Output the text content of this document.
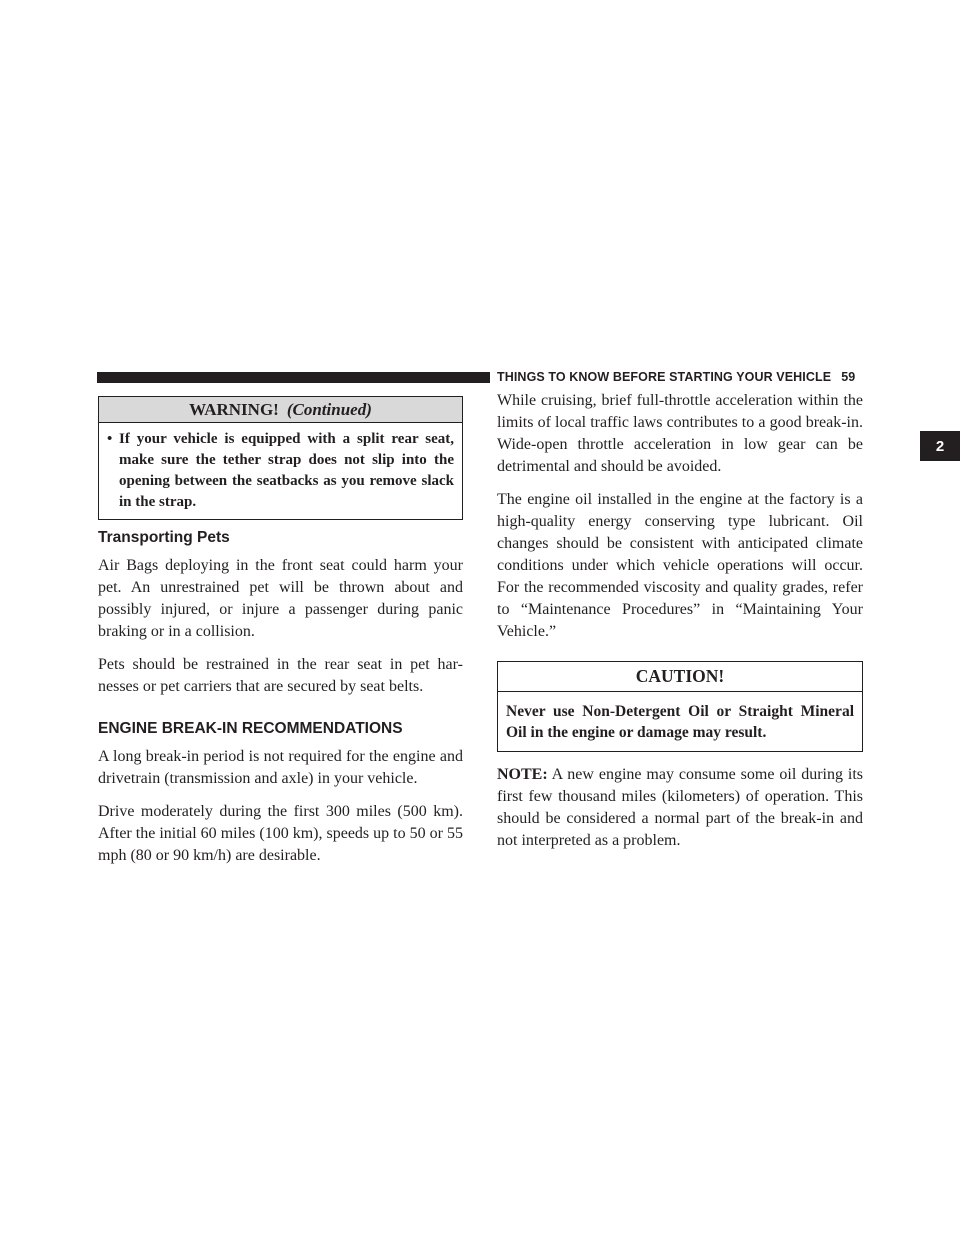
THINGS TO KNOW BEFORE STARTING YOUR VEHICLE 59
2
WARNING! (Continued)
• If your vehicle is equipped with a split rear seat, make sure the tether strap does not slip into the opening between the seatbacks as you remove slack in the strap.
Transporting Pets

Air Bags deploying in the front seat could harm your pet. An unrestrained pet will be thrown about and possibly injured, or injure a passenger during panic braking or in a collision.

Pets should be restrained in the rear seat in pet har-nesses or pet carriers that are secured by seat belts.

ENGINE BREAK-IN RECOMMENDATIONS

A long break-in period is not required for the engine and drivetrain (transmission and axle) in your vehicle.

Drive moderately during the first 300 miles (500 km). After the initial 60 miles (100 km), speeds up to 50 or 55 mph (80 or 90 km/h) are desirable.

While cruising, brief full-throttle acceleration within the limits of local traffic laws contributes to a good break-in. Wide-open throttle acceleration in low gear can be detrimental and should be avoided.

The engine oil installed in the engine at the factory is a high-quality energy conserving type lubricant. Oil changes should be consistent with anticipated climate conditions under which vehicle operations will occur. For the recommended viscosity and quality grades, refer to “Maintenance Procedures” in “Maintaining Your Vehicle.”

CAUTION!
Never use Non-Detergent Oil or Straight Mineral Oil in the engine or damage may result.

NOTE: A new engine may consume some oil during its first few thousand miles (kilometers) of operation. This should be considered a normal part of the break-in and not interpreted as a problem.
